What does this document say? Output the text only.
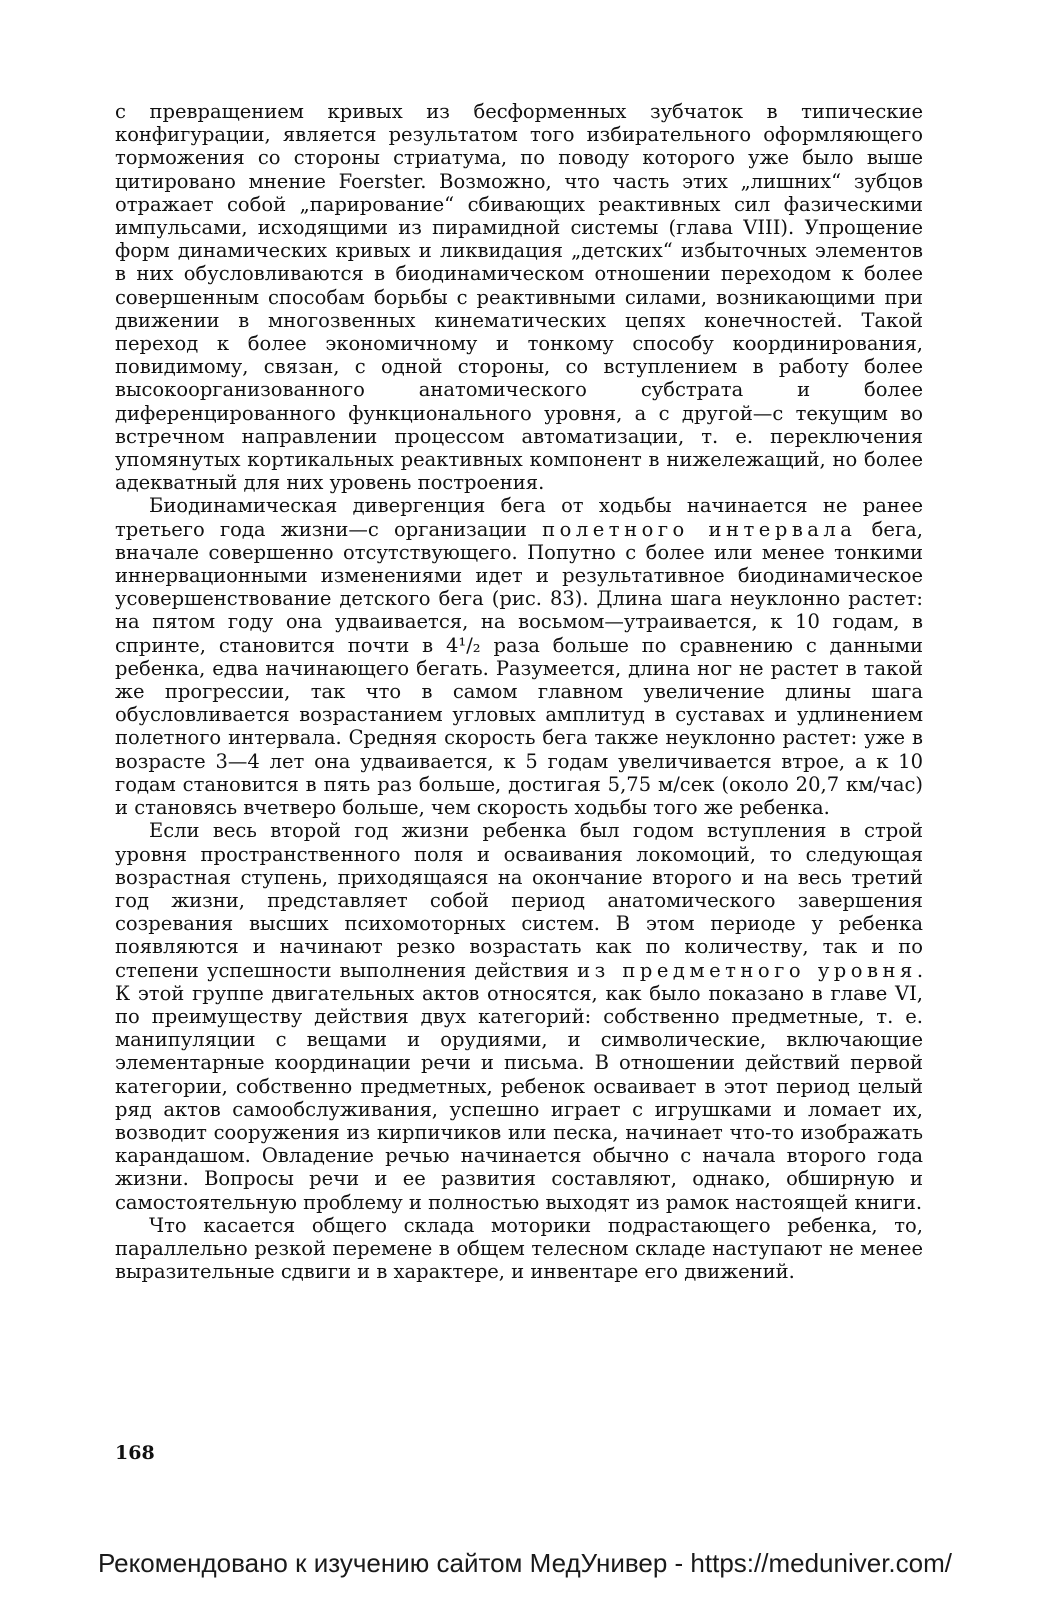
с превращением кривых из бесформенных зубчаток в типические конфигурации, является результатом того избирательного оформляющего торможения со стороны стриатума, по поводу которого уже было выше цитировано мнение Foerster. Возможно, что часть этих „лишних“ зубцов отражает собой „парирование“ сбивающих реактивных сил фазическими импульсами, исходящими из пирамидной системы (глава VIII). Упрощение форм динамических кривых и ликвидация „детских“ избыточных элементов в них обусловливаются в биодинамическом отношении переходом к более совершенным способам борьбы с реактивными силами, возникающими при движении в многозвенных кинематических цепях конечностей. Такой переход к более экономичному и тонкому способу координирования, повидимому, связан, с одной стороны, со вступлением в работу более высокоорганизованного анатомического субстрата и более диференцированного функционального уровня, а с другой—с текущим во встречном направлении процессом автоматизации, т. е. переключения упомянутых кортикальных реактивных компонент в нижележащий, но более адекватный для них уровень построения.

Биодинамическая дивергенция бега от ходьбы начинается не ранее третьего года жизни—с организации полетного интервала бега, вначале совершенно отсутствующего. Попутно с более или менее тонкими иннервационными изменениями идет и результативное биодинамическое усовершенствование детского бега (рис. 83). Длина шага неуклонно растет: на пятом году она удваивается, на восьмом—утраивается, к 10 годам, в спринте, становится почти в 4¹/₂ раза больше по сравнению с данными ребенка, едва начинающего бегать. Разумеется, длина ног не растет в такой же прогрессии, так что в самом главном увеличение длины шага обусловливается возрастанием угловых амплитуд в суставах и удлинением полетного интервала. Средняя скорость бега также неуклонно растет: уже в возрасте 3—4 лет она удваивается, к 5 годам увеличивается втрое, а к 10 годам становится в пять раз больше, достигая 5,75 м/сек (около 20,7 км/час) и становясь вчетверо больше, чем скорость ходьбы того же ребенка.

Если весь второй год жизни ребенка был годом вступления в строй уровня пространственного поля и осваивания локомоций, то следующая возрастная ступень, приходящаяся на окончание второго и на весь третий год жизни, представляет собой период анатомического завершения созревания высших психомоторных систем. В этом периоде у ребенка появляются и начинают резко возрастать как по количеству, так и по степени успешности выполнения действия из предметного уровня. К этой группе двигательных актов относятся, как было показано в главе VI, по преимуществу действия двух категорий: собственно предметные, т. е. манипуляции с вещами и орудиями, и символические, включающие элементарные координации речи и письма. В отношении действий первой категории, собственно предметных, ребенок осваивает в этот период целый ряд актов самообслуживания, успешно играет с игрушками и ломает их, возводит сооружения из кирпичиков или песка, начинает что-то изображать карандашом. Овладение речью начинается обычно с начала второго года жизни. Вопросы речи и ее развития составляют, однако, обширную и самостоятельную проблему и полностью выходят из рамок настоящей книги.

Что касается общего склада моторики подрастающего ребенка, то, параллельно резкой перемене в общем телесном складе наступают не менее выразительные сдвиги и в характере, и инвентаре его движений.

168
Рекомендовано к изучению сайтом МедУнивер - https://meduniver.com/
